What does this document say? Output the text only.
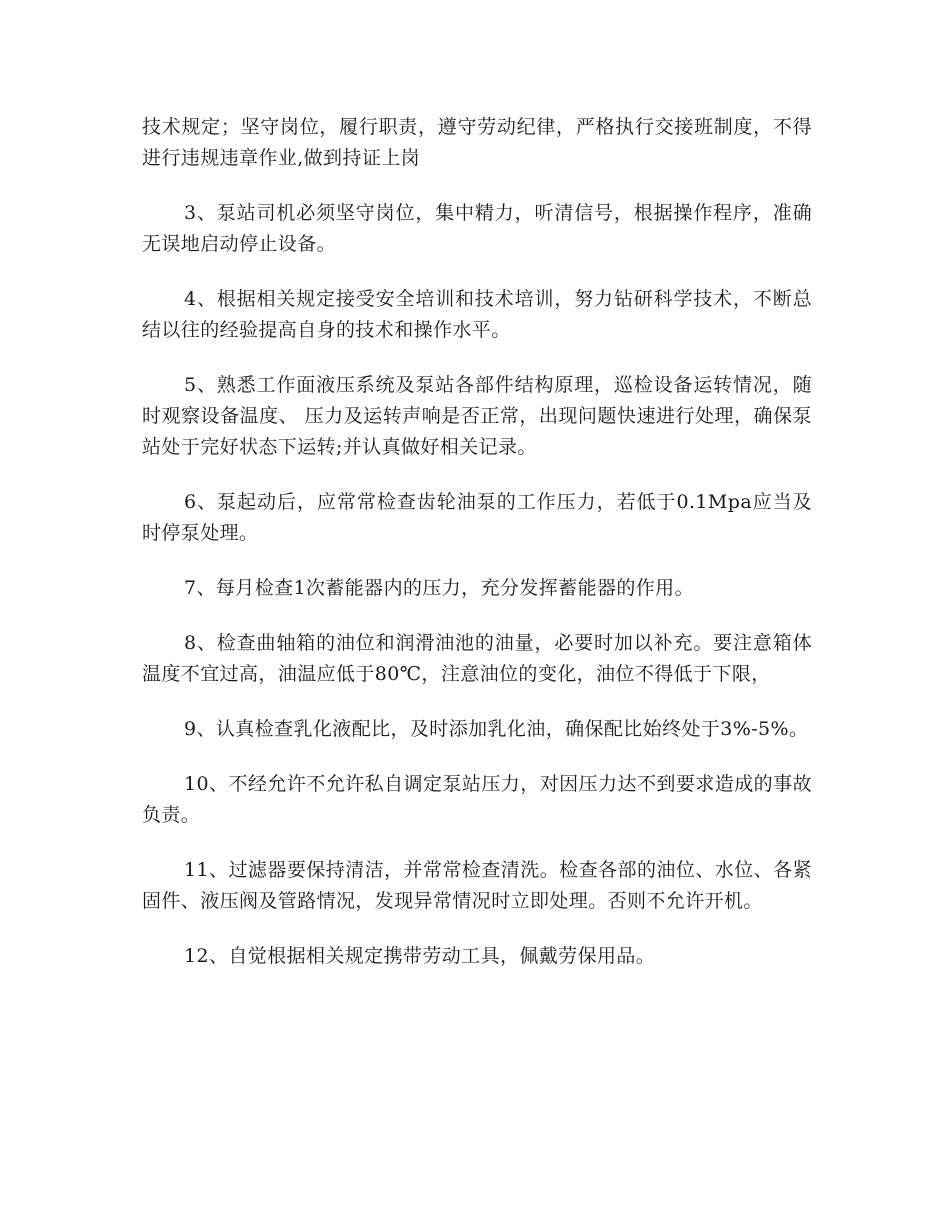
技术规定；坚守岗位，履行职责，遵守劳动纪律，严格执行交接班制度，不得进行违规违章作业,做到持证上岗

3、泵站司机必须坚守岗位，集中精力，听清信号，根据操作程序，准确无误地启动停止设备。

4、根据相关规定接受安全培训和技术培训，努力钻研科学技术，不断总结以往的经验提高自身的技术和操作水平。

5、熟悉工作面液压系统及泵站各部件结构原理，巡检设备运转情况，随时观察设备温度、 压力及运转声响是否正常，出现问题快速进行处理，确保泵站处于完好状态下运转;并认真做好相关记录。

6、泵起动后，应常常检查齿轮油泵的工作压力，若低于0.1Mpa应当及时停泵处理。

7、每月检查1次蓄能器内的压力，充分发挥蓄能器的作用。

8、检查曲轴箱的油位和润滑油池的油量，必要时加以补充。要注意箱体温度不宜过高，油温应低于80℃，注意油位的变化，油位不得低于下限，

9、认真检查乳化液配比，及时添加乳化油，确保配比始终处于3%-5%。

10、不经允许不允许私自调定泵站压力，对因压力达不到要求造成的事故负责。

11、过滤器要保持清洁，并常常检查清洗。检查各部的油位、水位、各紧固件、液压阀及管路情况，发现异常情况时立即处理。否则不允许开机。

12、自觉根据相关规定携带劳动工具，佩戴劳保用品。
